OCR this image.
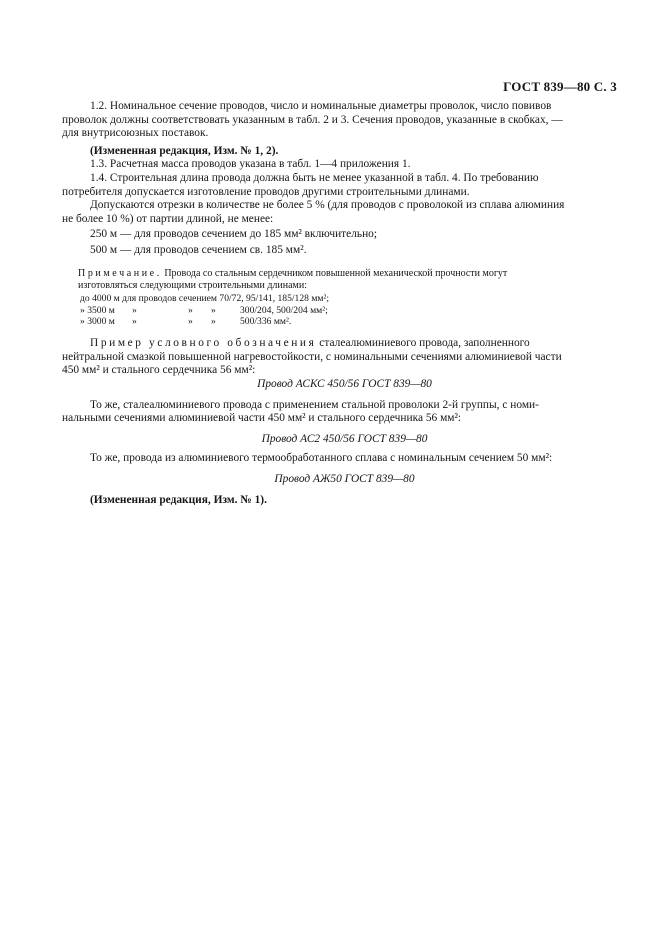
ГОСТ 839—80 С. 3

1.2. Номинальное сечение проводов, число и номинальные диаметры проволок, число повивов

проволок должны соответствовать указанным в табл. 2 и 3. Сечения проводов, указанные в скобках, —

для внутрисоюзных поставок.

(Измененная редакция, Изм. № 1, 2).

1.3. Расчетная масса проводов указана в табл. 1—4 приложения 1.

1.4. Строительная длина провода должна быть не менее указанной в табл. 4. По требованию

потребителя допускается изготовление проводов другими строительными длинами.

Допускаются отрезки в количестве не более 5 % (для проводов с проволокой из сплава алюминия

не более 10 %) от партии длиной, не менее:

250 м — для проводов сечением до 185 мм² включительно;

500 м — для проводов сечением св. 185 мм².

Примечание. Провода со стальным сердечником повышенной механической прочности могут

изготовляться следующими строительными длинами:

до 4000 м для проводов сечением 70/72, 95/141, 185/128 мм²;
» 3500 м »	» »	300/204, 500/204 мм²;
» 3000 м »	» »	500/336 мм².

Пример условного обозначения сталеалюминиевого провода, заполненного

нейтральной смазкой повышенной нагревостойкости, с номинальными сечениями алюминиевой части

450 мм² и стального сердечника 56 мм²:

Провод АСКС 450/56 ГОСТ 839—80

То же, сталеалюминиевого провода с применением стальной проволоки 2-й группы, с номи-

нальными сечениями алюминиевой части 450 мм² и стального сердечника 56 мм²:

Провод АС2 450/56 ГОСТ 839—80

То же, провода из алюминиевого термообработанного сплава с номинальным сечением 50 мм²:

Провод АЖ50 ГОСТ 839—80

(Измененная редакция, Изм. № 1).
